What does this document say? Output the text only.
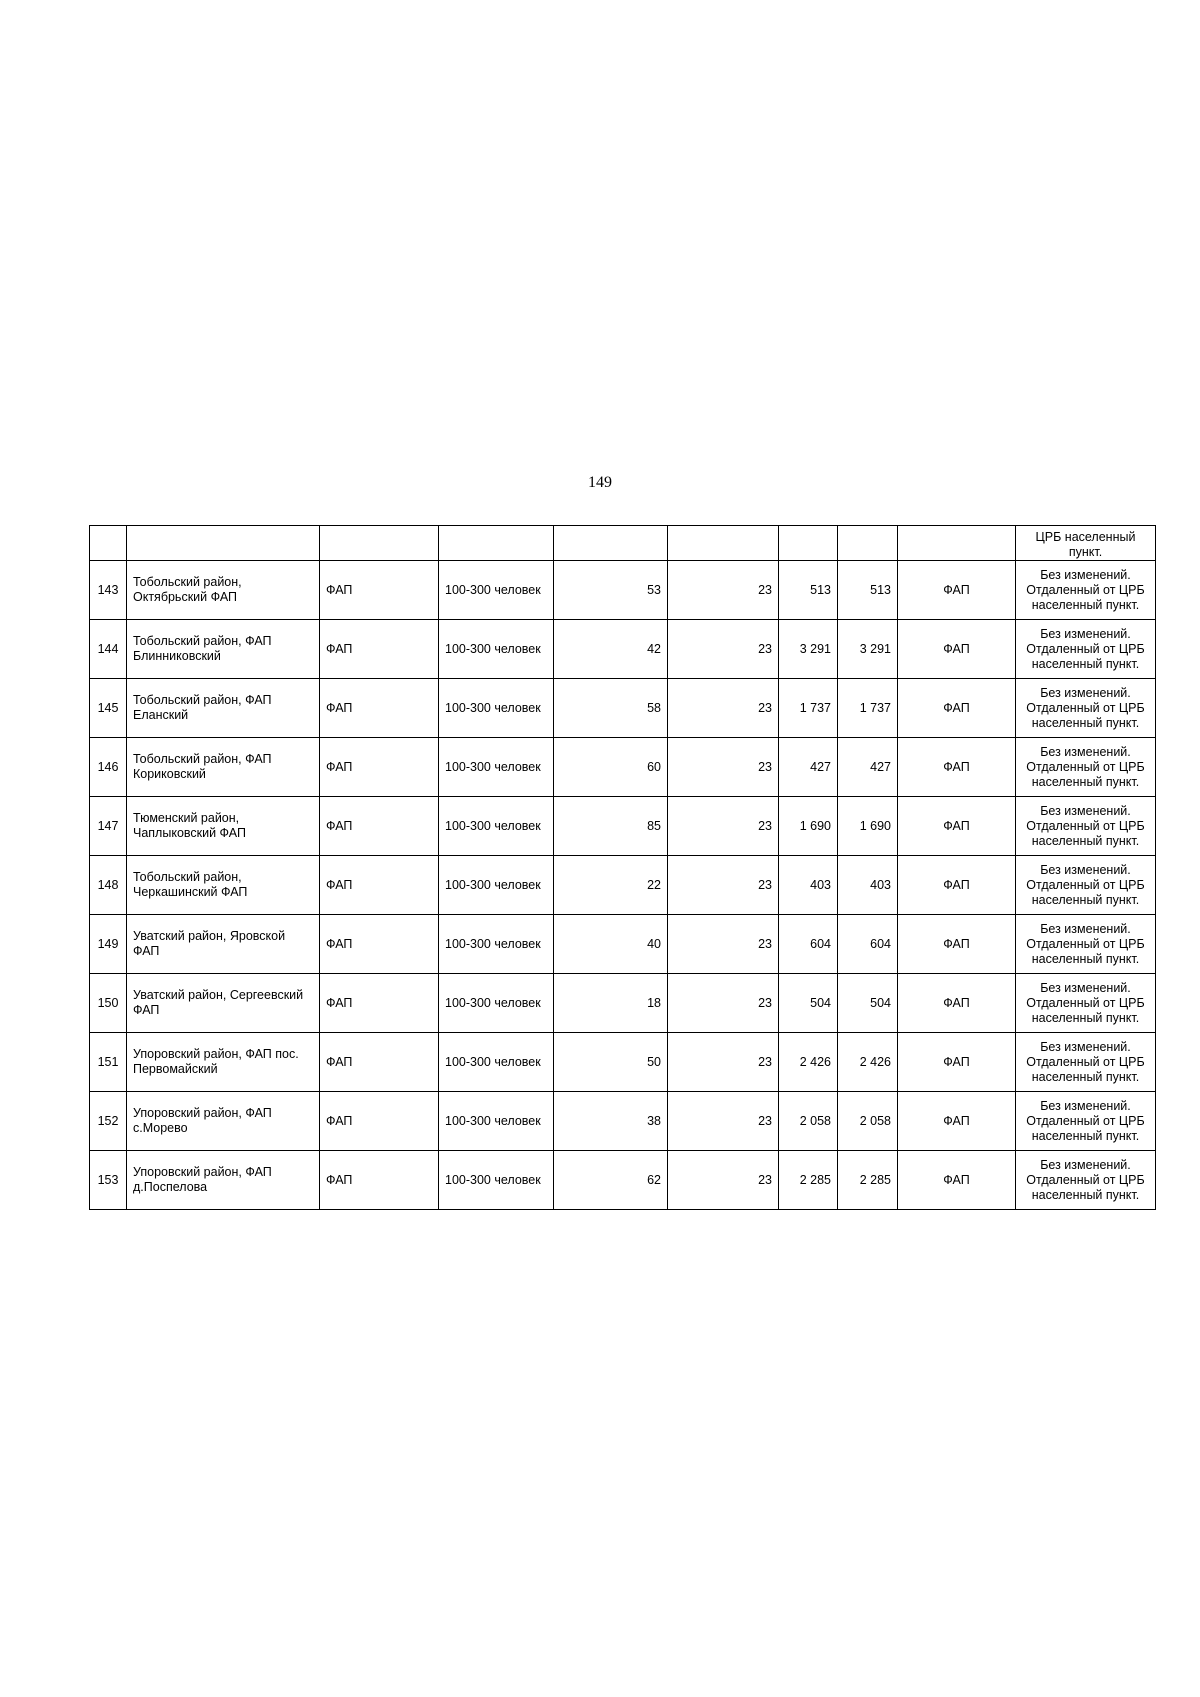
149
									ЦРБ населенный пункт.
143	Тобольский район, Октябрьский ФАП	ФАП	100-300 человек	53	23	513	513	ФАП	Без изменений. Отдаленный от ЦРБ населенный пункт.
144	Тобольский район, ФАП Блинниковский	ФАП	100-300 человек	42	23	3 291	3 291	ФАП	Без изменений. Отдаленный от ЦРБ населенный пункт.
145	Тобольский район, ФАП Еланский	ФАП	100-300 человек	58	23	1 737	1 737	ФАП	Без изменений. Отдаленный от ЦРБ населенный пункт.
146	Тобольский район, ФАП Кориковский	ФАП	100-300 человек	60	23	427	427	ФАП	Без изменений. Отдаленный от ЦРБ населенный пункт.
147	Тюменский район, Чаплыковский ФАП	ФАП	100-300 человек	85	23	1 690	1 690	ФАП	Без изменений. Отдаленный от ЦРБ населенный пункт.
148	Тобольский район, Черкашинский ФАП	ФАП	100-300 человек	22	23	403	403	ФАП	Без изменений. Отдаленный от ЦРБ населенный пункт.
149	Уватский район, Яровской ФАП	ФАП	100-300 человек	40	23	604	604	ФАП	Без изменений. Отдаленный от ЦРБ населенный пункт.
150	Уватский район, Сергеевский ФАП	ФАП	100-300 человек	18	23	504	504	ФАП	Без изменений. Отдаленный от ЦРБ населенный пункт.
151	Упоровский район, ФАП пос. Первомайский	ФАП	100-300 человек	50	23	2 426	2 426	ФАП	Без изменений. Отдаленный от ЦРБ населенный пункт.
152	Упоровский район, ФАП с.Морево	ФАП	100-300 человек	38	23	2 058	2 058	ФАП	Без изменений. Отдаленный от ЦРБ населенный пункт.
153	Упоровский район, ФАП д.Поспелова	ФАП	100-300 человек	62	23	2 285	2 285	ФАП	Без изменений. Отдаленный от ЦРБ населенный пункт.
